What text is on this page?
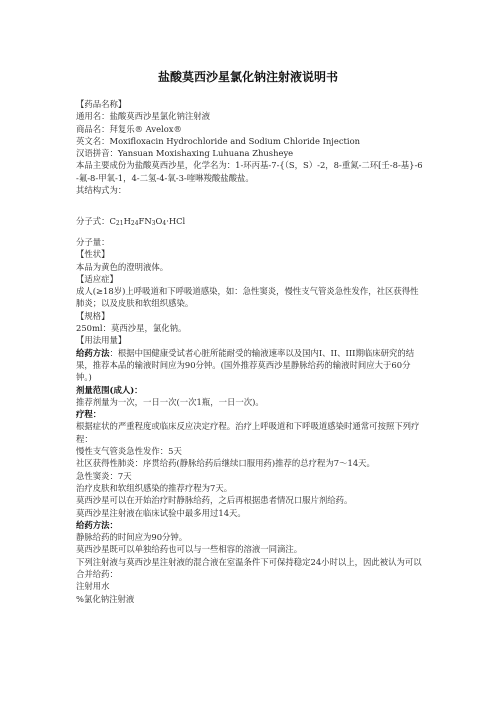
盐酸莫西沙星氯化钠注射液说明书
【药品名称】
通用名：盐酸莫西沙星氯化钠注射液
商品名：拜复乐® Avelox®
英文名：Moxifloxacin Hydrochloride and Sodium Chloride Injection
汉语拼音：Yansuan Moxishaxing Luhuana Zhusheye
本品主要成份为盐酸莫西沙星，化学名为：1-环丙基-7-{（S，S）-2，8-重氮-二环[壬-8-基}-6-氟-8-甲氧-1，4-二氢-4-氧-3-喹啉羧酸盐酸盐。
其结构式为：
分子式：C21H24FN3O4·HCl
分子量：
【性状】
本品为黄色的澄明液体。
【适应症】
成人(≥18岁)上呼吸道和下呼吸道感染，如：急性窦炎，慢性支气管炎急性发作，社区获得性肺炎；以及皮肤和软组织感染。
【规格】
250ml：莫西沙星，氯化钠。
【用法用量】
给药方法：根据中国健康受试者心脏所能耐受的输液速率以及国内I、II、III期临床研究的结果，推荐本品的输液时间应为90分钟。(国外推荐莫西沙星静脉给药的输液时间应大于60分钟。)
剂量范围(成人)：
推荐剂量为一次，一日一次(一次1瓶，一日一次)。
疗程：
根据症状的严重程度或临床反应决定疗程。治疗上呼吸道和下呼吸道感染时通常可按照下列疗程：
慢性支气管炎急性发作：5天
社区获得性肺炎：序贯给药(静脉给药后继续口服用药)推荐的总疗程为7～14天。
急性窦炎：7天
治疗皮肤和软组织感染的推荐疗程为7天。
莫西沙星可以在开始治疗时静脉给药，之后再根据患者情况口服片剂给药。
莫西沙星注射液在临床试验中最多用过14天。
给药方法：
静脉给药的时间应为90分钟。
莫西沙星既可以单独给药也可以与一些相容的溶液一同滴注。
下列注射液与莫西沙星注射液的混合液在室温条件下可保持稳定24小时以上，因此被认为可以合并给药：
注射用水
%氯化钠注射液
